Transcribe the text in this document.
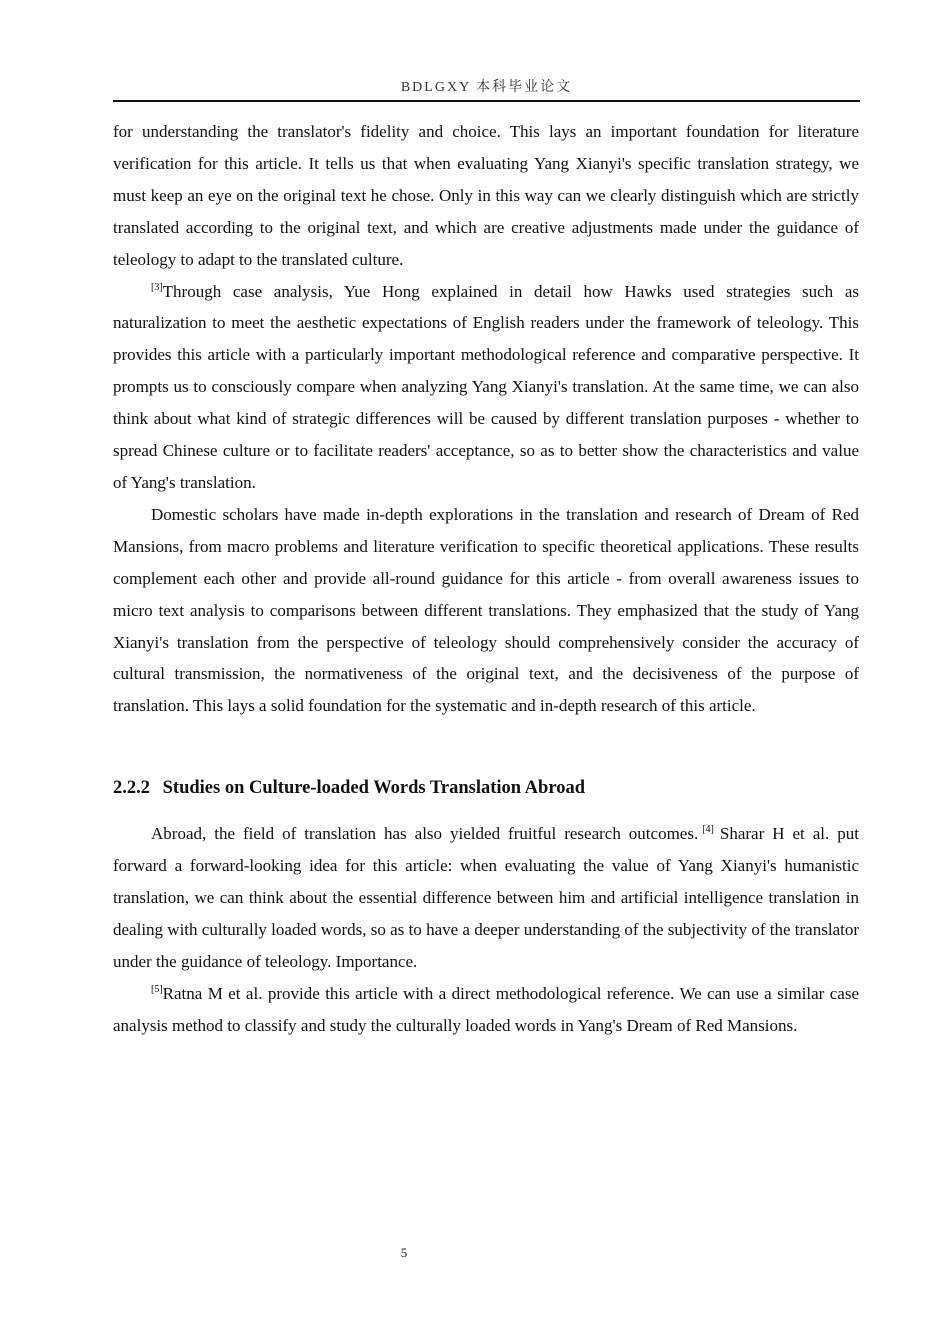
BDLGXY 本科毕业论文

for understanding the translator's fidelity and choice. This lays an important foundation for literature verification for this article. It tells us that when evaluating Yang Xianyi's specific translation strategy, we must keep an eye on the original text he chose. Only in this way can we clearly distinguish which are strictly translated according to the original text, and which are creative adjustments made under the guidance of teleology to adapt to the translated culture.

[3]Through case analysis, Yue Hong explained in detail how Hawks used strategies such as naturalization to meet the aesthetic expectations of English readers under the framework of teleology. This provides this article with a particularly important methodological reference and comparative perspective. It prompts us to consciously compare when analyzing Yang Xianyi's translation. At the same time, we can also think about what kind of strategic differences will be caused by different translation purposes - whether to spread Chinese culture or to facilitate readers' acceptance, so as to better show the characteristics and value of Yang's translation.

Domestic scholars have made in-depth explorations in the translation and research of Dream of Red Mansions, from macro problems and literature verification to specific theoretical applications. These results complement each other and provide all-round guidance for this article - from overall awareness issues to micro text analysis to comparisons between different translations. They emphasized that the study of Yang Xianyi's translation from the perspective of teleology should comprehensively consider the accuracy of cultural transmission, the normativeness of the original text, and the decisiveness of the purpose of translation. This lays a solid foundation for the systematic and in-depth research of this article.

2.2.2 Studies on Culture-loaded Words Translation Abroad

Abroad, the field of translation has also yielded fruitful research outcomes. [4] Sharar H et al. put forward a forward-looking idea for this article: when evaluating the value of Yang Xianyi's humanistic translation, we can think about the essential difference between him and artificial intelligence translation in dealing with culturally loaded words, so as to have a deeper understanding of the subjectivity of the translator under the guidance of teleology. Importance.

[5]Ratna M et al. provide this article with a direct methodological reference. We can use a similar case analysis method to classify and study the culturally loaded words in Yang's Dream of Red Mansions.

5
